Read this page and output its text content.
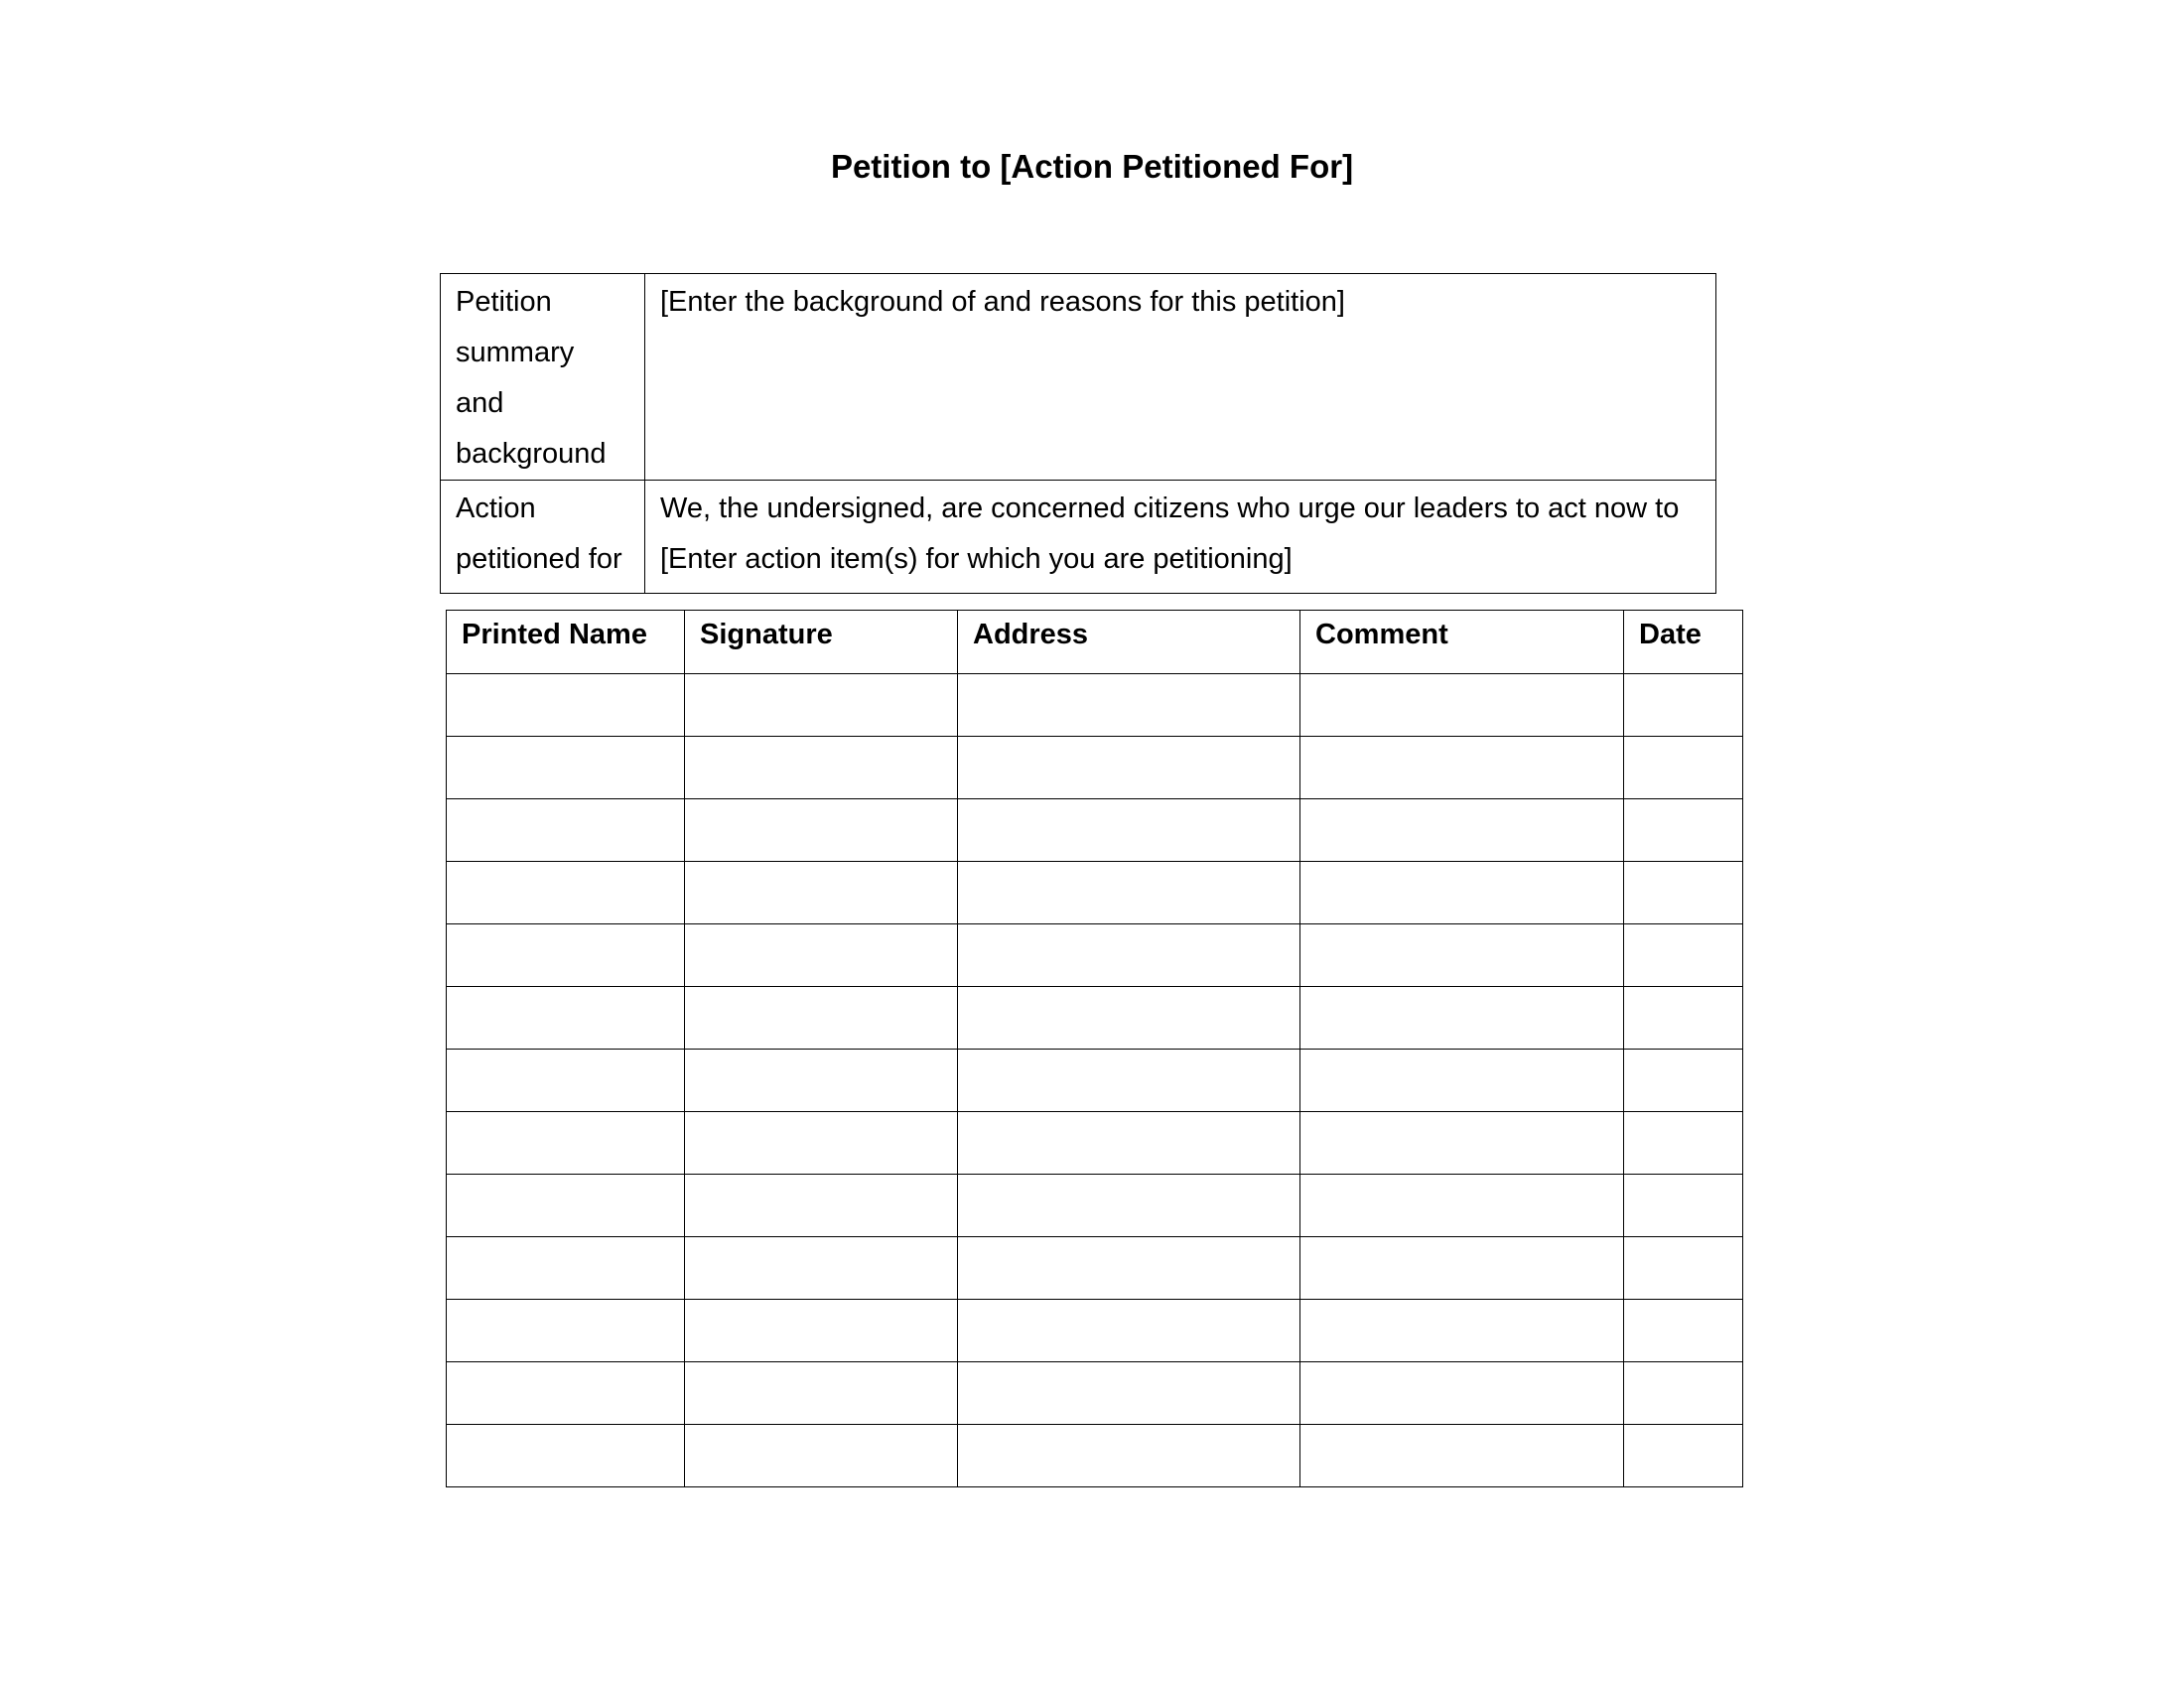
Petition to [Action Petitioned For]
Petition summary and background	[Enter the background of and reasons for this petition]
Action petitioned for	We, the undersigned, are concerned citizens who urge our leaders to act now to [Enter action item(s) for which you are petitioning]
Printed Name	Signature	Address	Comment	Date
